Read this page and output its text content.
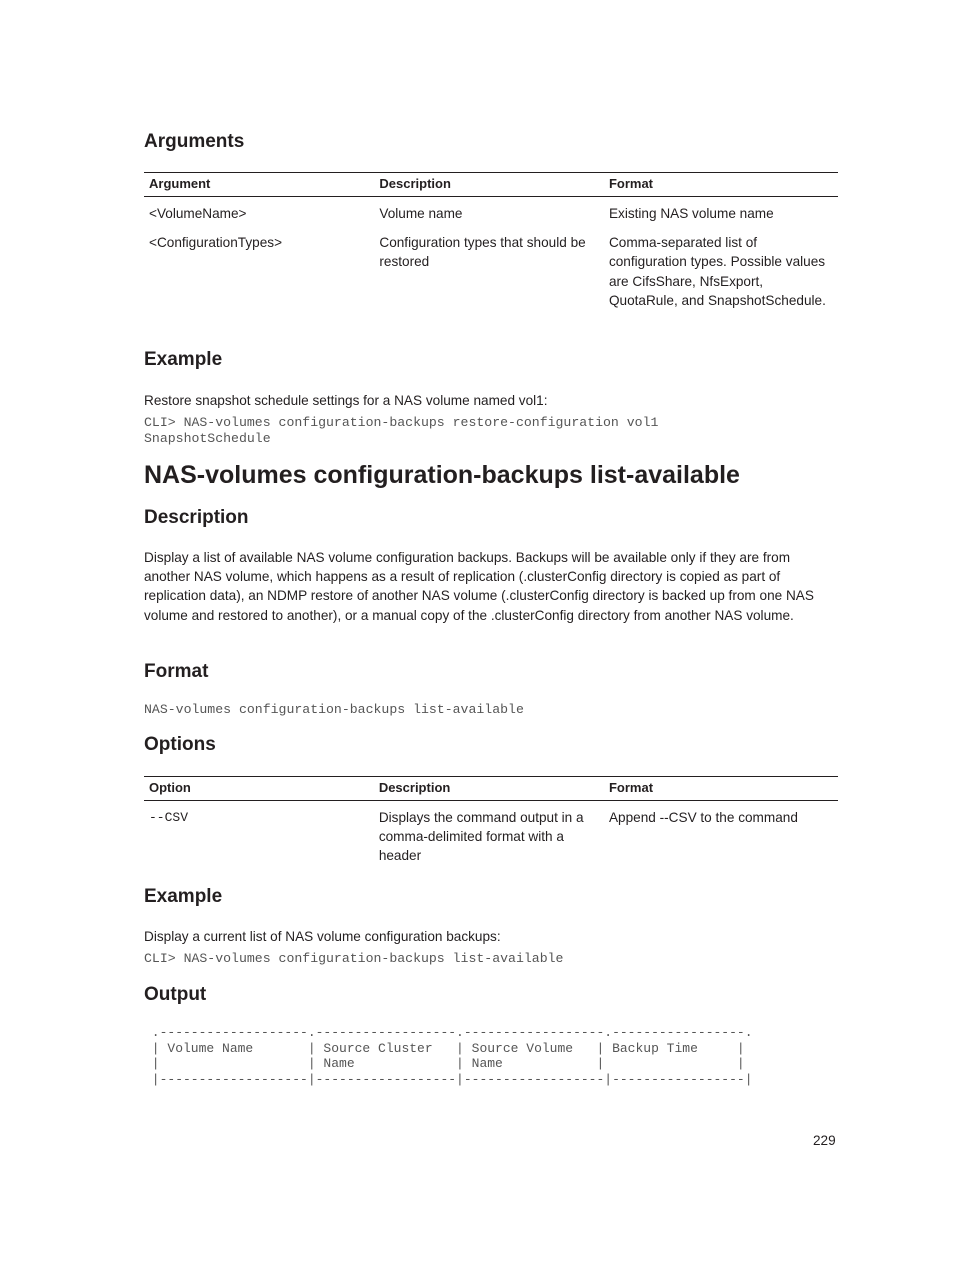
Arguments
Argument	Description	Format
<VolumeName>	Volume name	Existing NAS volume name
<ConfigurationTypes>	Configuration types that should be restored	Comma-separated list of configuration types. Possible values are CifsShare, NfsExport, QuotaRule, and SnapshotSchedule.
Example
Restore snapshot schedule settings for a NAS volume named vol1:
CLI> NAS-volumes configuration-backups restore-configuration vol1
SnapshotSchedule
NAS-volumes configuration-backups list-available
Description
Display a list of available NAS volume configuration backups. Backups will be available only if they are from another NAS volume, which happens as a result of replication (.clusterConfig directory is copied as part of replication data), an NDMP restore of another NAS volume (.clusterConfig directory is backed up from one NAS volume and restored to another), or a manual copy of the .clusterConfig directory from another NAS volume.
Format
NAS-volumes configuration-backups list-available
Options
Option	Description	Format
--CSV	Displays the command output in a comma-delimited format with a header	Append --CSV to the command
Example
Display a current list of NAS volume configuration backups:
CLI> NAS-volumes configuration-backups list-available
Output
.-------------------.------------------.------------------.-----------------.
| Volume Name       | Source Cluster   | Source Volume   | Backup Time     |
|                   | Name             | Name            |                 |
|-------------------|------------------|------------------|-----------------|
229
